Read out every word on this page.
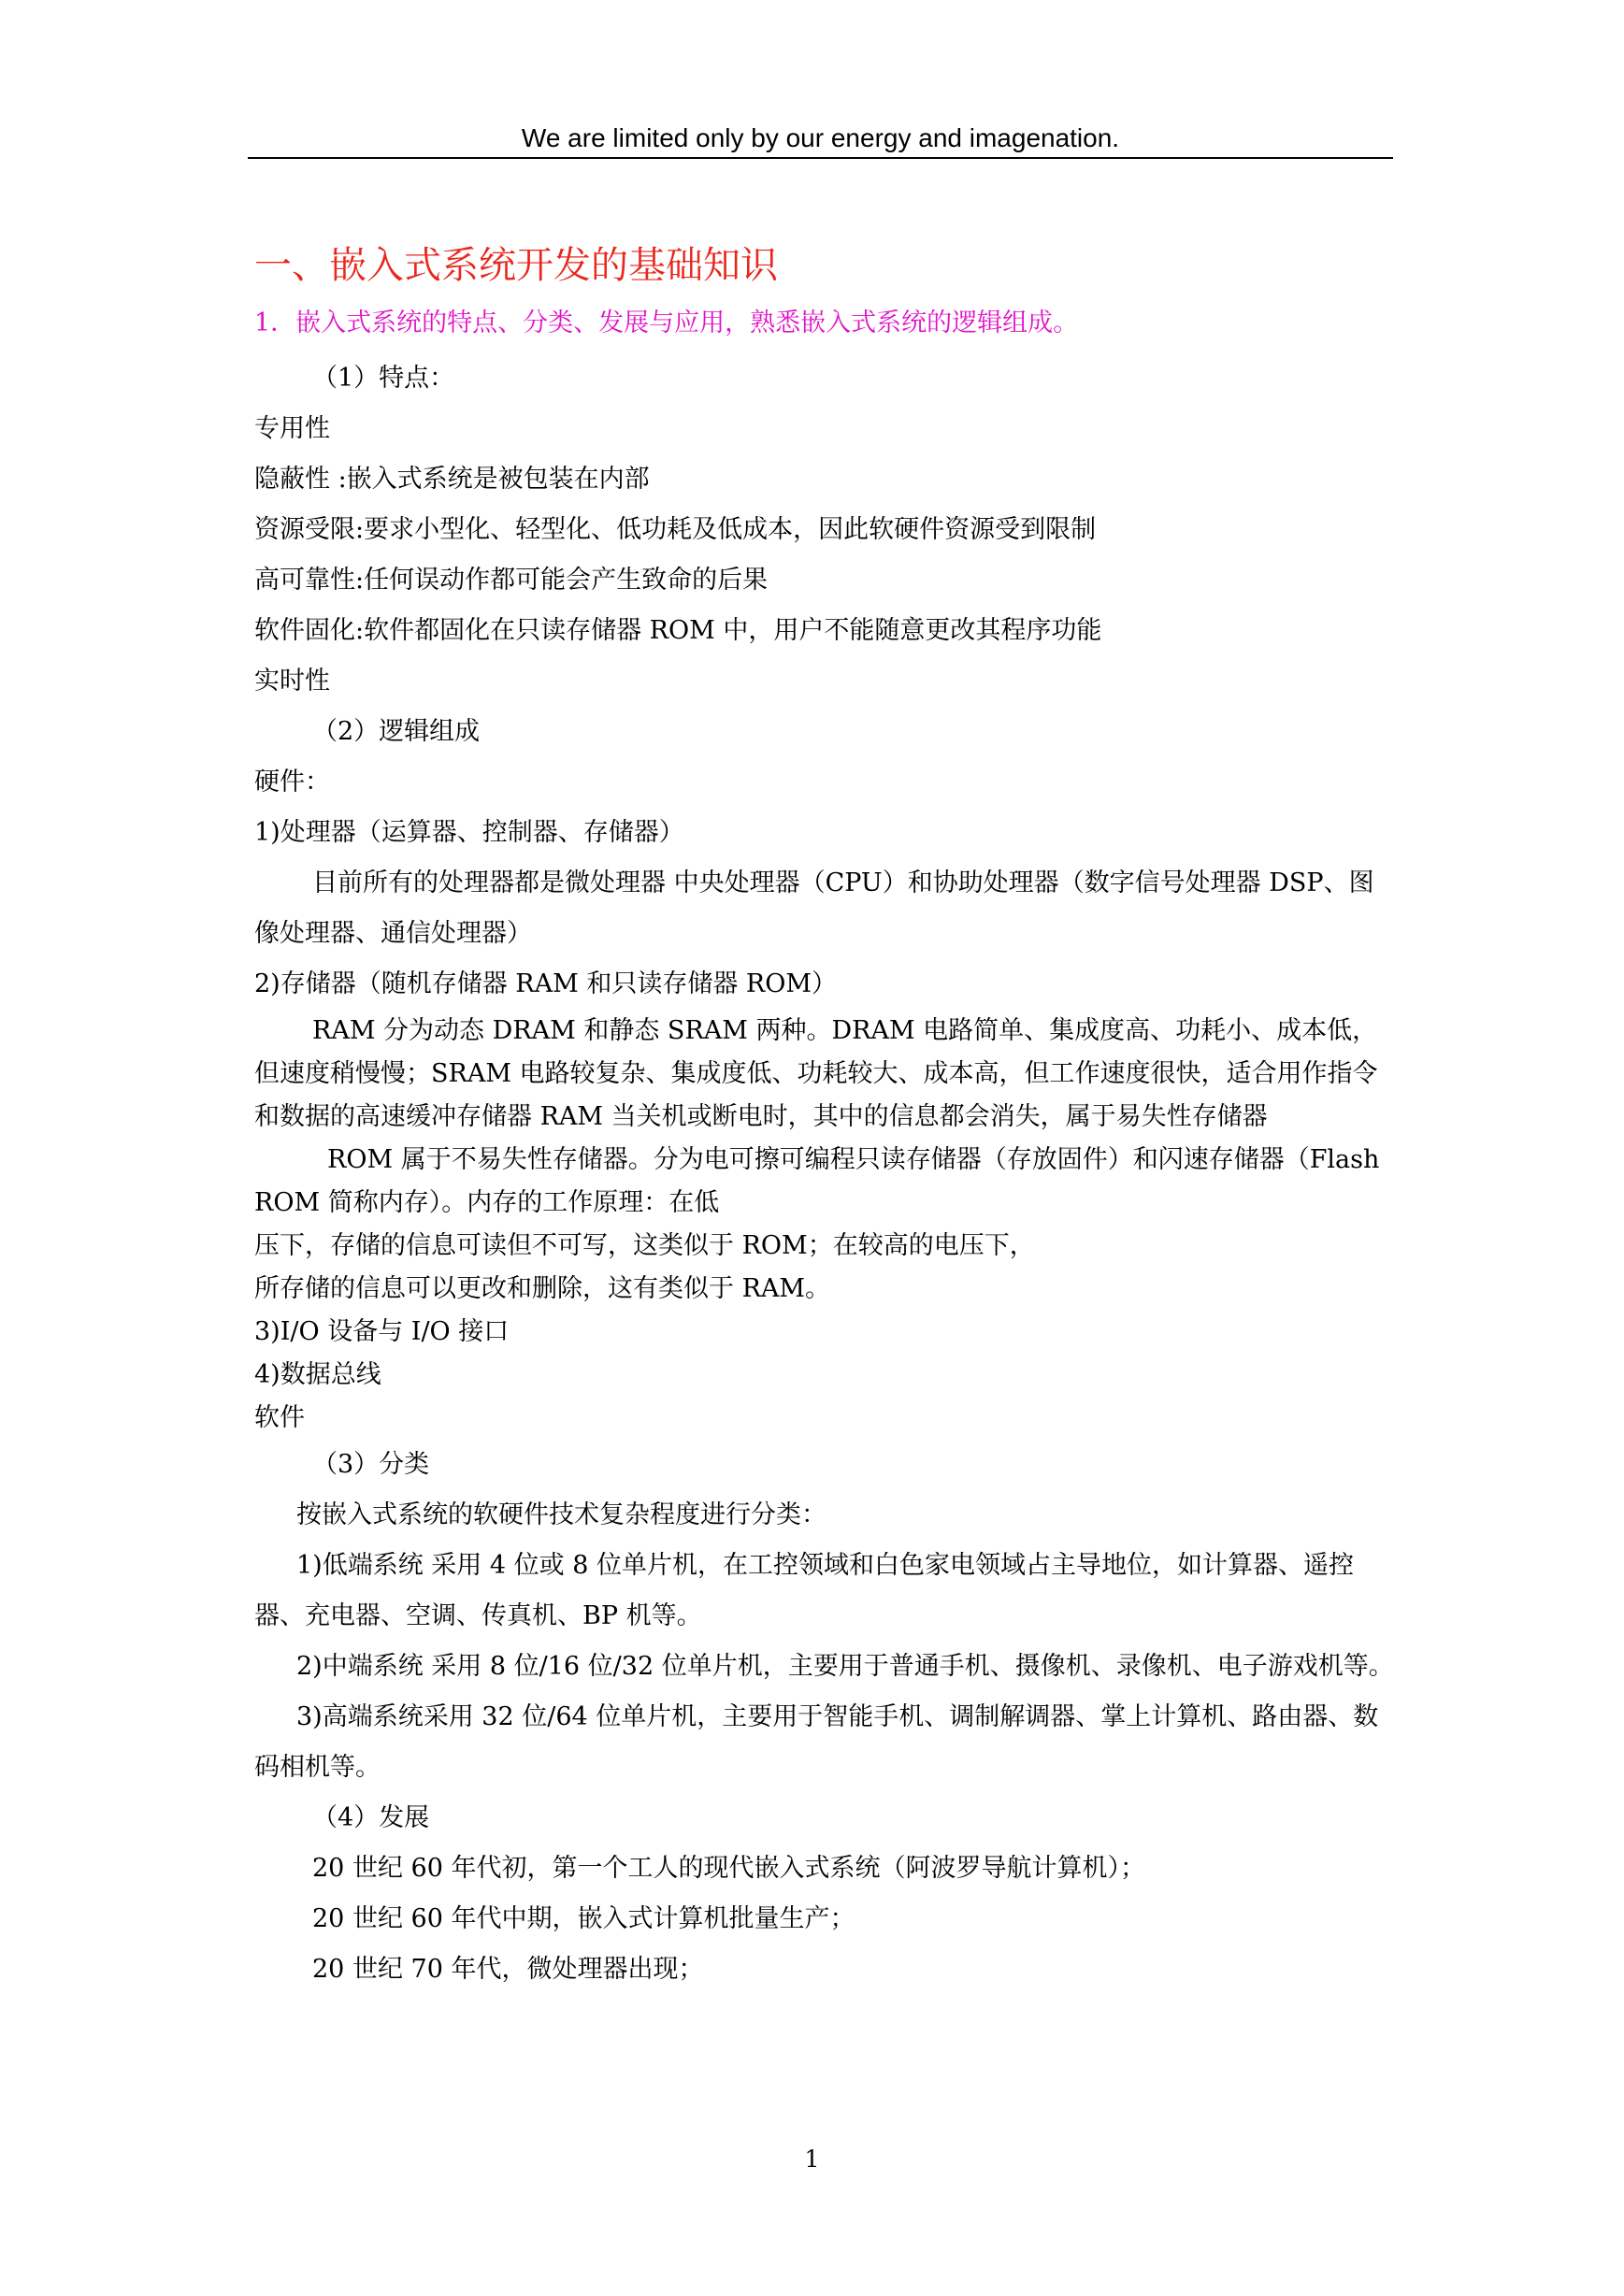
We are limited only by our energy and imagenation.
一、嵌入式系统开发的基础知识
1．嵌入式系统的特点、分类、发展与应用，熟悉嵌入式系统的逻辑组成。
（1）特点：
专用性
隐蔽性 :嵌入式系统是被包装在内部
资源受限:要求小型化、轻型化、低功耗及低成本，因此软硬件资源受到限制
高可靠性:任何误动作都可能会产生致命的后果
软件固化:软件都固化在只读存储器 ROM 中，用户不能随意更改其程序功能
实时性
（2）逻辑组成
硬件：
1)处理器（运算器、控制器、存储器）
目前所有的处理器都是微处理器 中央处理器（CPU）和协助处理器（数字信号处理器 DSP、图像处理器、通信处理器）
2)存储器（随机存储器 RAM 和只读存储器 ROM）
RAM 分为动态 DRAM 和静态 SRAM 两种。DRAM 电路简单、集成度高、功耗小、成本低，但速度稍慢慢；SRAM 电路较复杂、集成度低、功耗较大、成本高，但工作速度很快，适合用作指令和数据的高速缓冲存储器 RAM 当关机或断电时，其中的信息都会消失，属于易失性存储器
ROM 属于不易失性存储器。分为电可擦可编程只读存储器（存放固件）和闪速存储器（Flash ROM 简称内存）。内存的工作原理：在低
压下，存储的信息可读但不可写，这类似于 ROM；在较高的电压下，
所存储的信息可以更改和删除，这有类似于 RAM。
3)I/O 设备与 I/O 接口
4)数据总线
软件
（3）分类
按嵌入式系统的软硬件技术复杂程度进行分类：
1)低端系统 采用 4 位或 8 位单片机，在工控领域和白色家电领域占主导地位，如计算器、遥控器、充电器、空调、传真机、BP 机等。
2)中端系统 采用 8 位/16 位/32 位单片机，主要用于普通手机、摄像机、录像机、电子游戏机等。
3)高端系统采用 32 位/64 位单片机，主要用于智能手机、调制解调器、掌上计算机、路由器、数码相机等。
（4）发展
20 世纪 60 年代初，第一个工人的现代嵌入式系统（阿波罗导航计算机）；
20 世纪 60 年代中期，嵌入式计算机批量生产；
20 世纪 70 年代，微处理器出现；
1
